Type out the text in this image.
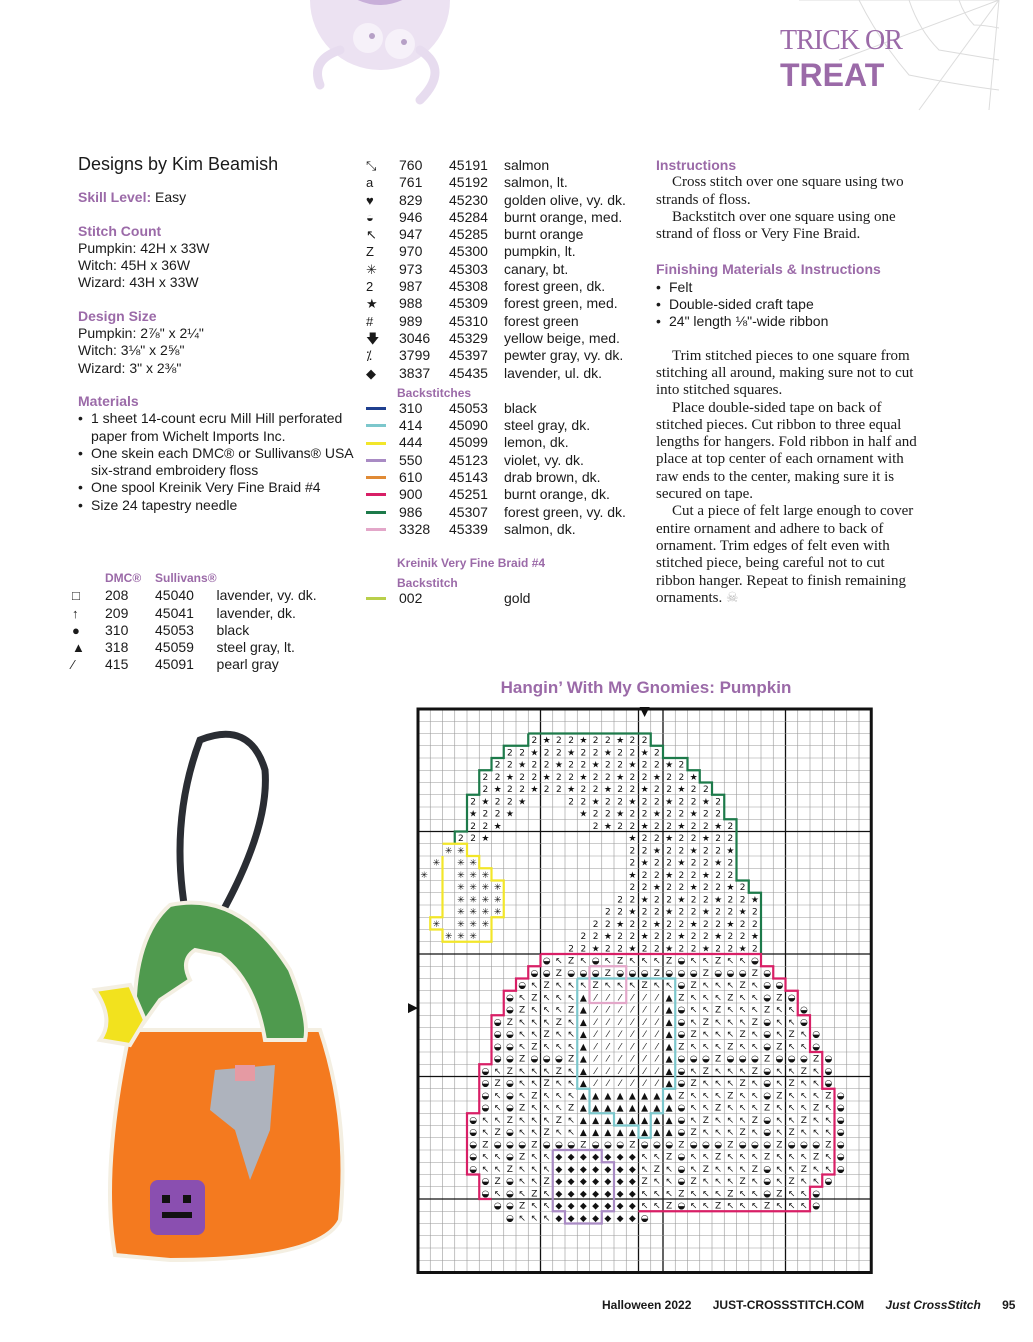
TRICK OR TREAT
Designs by Kim Beamish
Skill Level: Easy
Stitch Count

Pumpkin: 42H x 33W

Witch: 45H x 36W

Wizard: 43H x 33W

Design Size

Pumpkin: 2⅞" x 2¼"

Witch: 3⅛" x 2⅝"

Wizard: 3" x 2⅜"

Materials
• 1 sheet 14-count ecru Mill Hill perforated paper from Wichelt Imports Inc.
• One skein each DMC® or Sullivans® USA six-strand embroidery floss
• One spool Kreinik Very Fine Braid #4
• Size 24 tapestry needle
	DMC®	Sullivans®	
□	208	45040	lavender, vy. dk.
↑	209	45041	lavender, dk.
●	310	45053	black
▲	318	45059	steel gray, lt.
⁄	415	45091	pearl gray
⤡	760	45191	salmon
a	761	45192	salmon, lt.
♥	829	45230	golden olive, vy. dk.
◒	946	45284	burnt orange, med.
↖	947	45285	burnt orange
Z	970	45300	pumpkin, lt.
✳	973	45303	canary, bt.
2	987	45308	forest green, dk.
★	988	45309	forest green, med.
#	989	45310	forest green
🡇	3046	45329	yellow beige, med.
⁒	3799	45397	pewter gray, vy. dk.
◆	3837	45435	lavender, ul. dk.
Backstitches
	310	45053	black
	414	45090	steel gray, dk.
	444	45099	lemon, dk.
	550	45123	violet, vy. dk.
	610	45143	drab brown, dk.
	900	45251	burnt orange, dk.
	986	45307	forest green, vy. dk.
	3328	45339	salmon, dk.
Kreinik Very Fine Braid #4
Backstitch
	002	gold
Instructions

Cross stitch over one square using two strands of floss.

Backstitch over one square using one strand of floss or Very Fine Braid.

Finishing Materials & Instructions
• Felt
• Double-sided craft tape
• 24" length ⅛"-wide ribbon

Trim stitched pieces to one square from stitching all around, making sure not to cut into stitched squares.

Place double-sided tape on back of stitched pieces. Cut ribbon to three equal lengths for hangers. Fold ribbon in half and place at top center of each ornament with raw ends to the center, making sure it is secured on tape.

Cut a piece of felt large enough to cover entire ornament and adhere to back of ornament. Trim edges of felt even with stitched piece, being careful not to cut ribbon hanger. Repeat to finish remaining ornaments. ☠

Hangin’ With My Gnomies: Pumpkin
2 ★ 2 2 ★ 2 2 ★ 2 2
2 2 ★ 2 2 ★ 2 2 ★ 2 2 ★ 2
2 2 ★ 2 2 ★ 2 2 ★ 2 2 ★ 2 2 ★ 2
2 2 ★ 2 2 ★ 2 2 ★ 2 2 ★ 2 2 ★ 2 2 ★
2 ★ 2 2 ★ 2 2 ★ 2 2 ★ 2 2 ★ 2 2 ★ 2 2
2 ★ 2 2 ★	2 2 ★ 2 2 ★ 2 2 ★ 2 2 ★ 2
★ 2 2 ★	★ 2 2 ★ 2 2 ★ 2 2 ★ 2 2
2 2 ★	2 ★ 2 2 ★ 2 2 ★ 2 2 ★ 2
2 2 ★	★ 2 2 ★ 2 2 ★ 2 2
2 2 ★ 2 2 ★ 2 2 ★
2 ★ 2 2 ★ 2 2 ★ 2
★ 2 2 ★ 2 2 ★ 2 2
2 2 ★ 2 2 ★ 2 2 ★ 2
2 2 ★ 2 2 ★ 2 2 ★ 2 2 ★
2 2 ★ 2 2 ★ 2 2 ★ 2 2 ★ 2
2 2 ★ 2 2 ★ 2 2 ★ 2 2 ★ 2 2
2 2 ★ 2 2 ★ 2 2 ★ 2 2 ★ 2 2 ★
2 2 ★ 2 2 ★ 2 2 ★ 2 2 ★ 2 2 ★ 2
✳ ✳
✳ ✳ ✳
✳	✳ ✳ ✳
✳ ✳ ✳ ✳
✳ ✳ ✳ ✳
✳ ✳ ✳ ✳
✳ ✳ ✳ ✳
✳ ✳ ✳
◒ ↖ Z ↖ ◒ ↖ Z ↖ ↖ ↖ Z ◒ ↖ ↖ Z ↖ ↖ ◒
◒ ◒ Z ◒ ◒ ◒ Z ◒ ◒ ◒ Z ◒ ◒ ◒ Z ◒ ◒ ◒ Z ◒
◒ ↖ Z ↖ ↖ ↖ Z ↖ ↖ ↖ Z ↖ ↖ ◒ Z ↖ ↖ ↖ Z ↖ ◒ ◒
◒ ↖ Z ↖ ↖ ↖ ▲ ⁄ ⁄ ⁄ ⁄ ⁄ ⁄ ▲ Z ↖ ↖ ↖ Z ↖ ↖ ◒ Z ◒
◒ Z ↖ ↖ ↖ Z ▲ ⁄ ⁄ ⁄ ⁄ ⁄ ⁄ ▲ ◒ ↖ ↖ Z ↖ ↖ ↖ Z ↖ ↖ ◒
◒ Z ↖ ↖ ↖ Z ↖ ▲ ⁄ ⁄ ⁄ ⁄ ⁄ ⁄ ▲ ◒ ↖ Z ↖ ↖ ↖ Z ◒ ↖ ↖ ◒
◒ ◒ ↖ ↖ Z ↖ ↖ ▲ ⁄ ⁄ ⁄ ⁄ ⁄ ⁄ ▲ ◒ Z ↖ ↖ ↖ Z ↖ ◒ ↖ Z ↖ ◒
◒ ◒ ↖ Z ↖ ↖ ↖ ▲ ⁄ ⁄ ⁄ ⁄ ⁄ ⁄ ▲ Z ↖ ↖ ↖ Z ↖ ↖ ◒ Z ↖ ↖ ◒
◒ ◒ Z ◒ ◒ ◒ Z ▲ ⁄ ⁄ ⁄ ⁄ ⁄ ⁄ ▲ ◒ ◒ ◒ Z ◒ ◒ ◒ Z ◒ ◒ ◒ Z ◒
◒ ↖ Z ↖ ↖ ↖ Z ↖ ▲ ⁄ ⁄ ⁄ ⁄ ⁄ ⁄ ▲ ◒ ↖ Z ↖ ↖ ↖ Z ◒ ↖ ↖ Z ↖ ◒
◒ Z ◒ ↖ ↖ Z ↖ ↖ ▲ ⁄ ⁄ ⁄ ⁄ ⁄ ⁄ ▲ ◒ Z ↖ ↖ ↖ Z ↖ ◒ ↖ Z ↖ ↖ ◒
◒ ↖ ◒ ↖ Z ↖ ↖ ↖ ▲ ▲ ▲ ▲ ▲ ▲ ▲ ▲ Z ↖ ↖ ↖ Z ↖ ↖ ◒ Z ↖ ↖ ↖ Z ◒
◒ ↖ ◒ Z ↖ ↖ ↖ Z ▲ ▲ ▲ ▲ ▲ ▲ ▲ ▲ ◒ ↖ ↖ Z ↖ ↖ ↖ Z ↖ ↖ ↖ Z ↖ ◒
◒ ↖ ↖ Z ↖ ↖ ↖ Z ↖ ▲ ▲ ▲ ▲ ▲ ▲ ▲ ▲ ◒ ↖ Z ↖ ↖ ↖ Z ◒ ↖ ↖ Z ↖ ↖ ◒
◒ ↖ Z ◒ ↖ ↖ Z ↖ ↖ ▲ ▲ ▲ ▲ ▲ ▲ ▲ ▲ ◒ Z ↖ ↖ ↖ Z ↖ ◒ ↖ Z ↖ ↖ ↖ ◒
◒ Z ◒ ◒ ◒ Z ◒ ◒ ◒ Z ◒ ◒ ◒ Z ◒ ◒ ◒ Z ◒ ◒ ◒ Z ◒ ◒ ◒ Z ◒ ◒ ◒ Z ◒
◒ ↖ ↖ ◒ Z ↖ ↖ ◆ ◆ ◆ ◆ ◆ ◆ ◆ ↖ ↖ Z ◒ ↖ ↖ Z ↖ ↖ ↖ Z ↖ ↖ ↖ Z ↖ ◒
◒ ↖ ↖ Z ↖ ↖ ↖ ◆ ◆ ◆ ◆ ◆ ◆ ◆ ↖ Z ↖ ◒ ↖ Z ↖ ↖ ↖ Z ◒ ↖ ↖ Z ↖ ↖ ◒
◒ Z ◒ ↖ ↖ Z ◆ ◆ ◆ ◆ ◆ ◆ ◆ Z ↖ ↖ ◒ Z ↖ ↖ ↖ Z ↖ ◒ ↖ Z ↖ ↖ ◒
◒ ↖ ◒ ↖ Z ↖ ◆ ◆ ◆ ◆ ◆ ◆ ◆ ↖ ↖ ↖ Z ↖ ↖ ↖ Z ↖ ↖ ◒ Z ↖ ↖ ◒
◒ ◒ Z ↖ ↖ ◆ ◆ ◆ ◆ ◆ ◆ ◆ ↖ ↖ Z ◒ ↖ ↖ Z ↖ ↖ ↖ Z ↖ ↖ ↖ ◒
◒ ↖ ↖ ↖ ◆ ◆ ◆ ◆ ◆ ◆ ◆ ◒
Halloween 2022 JUST-CROSSSTITCH.COM Just CrossStitch 95
